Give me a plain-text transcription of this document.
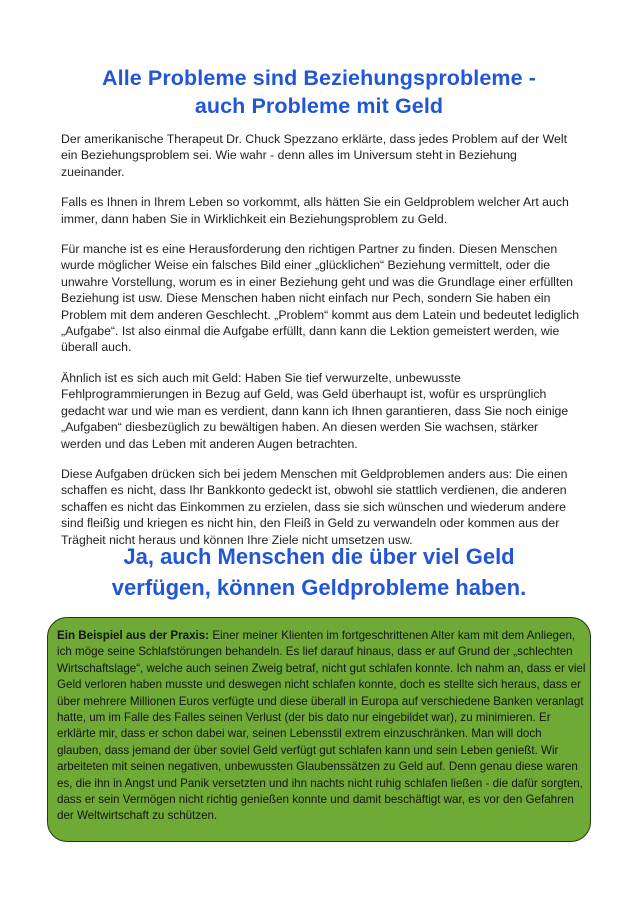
Alle Probleme sind Beziehungsprobleme -
auch Probleme mit Geld

Der amerikanische Therapeut Dr. Chuck Spezzano erklärte, dass jedes Problem auf der Welt ein Beziehungsproblem sei. Wie wahr - denn alles im Universum steht in Beziehung zueinander.

Falls es Ihnen in Ihrem Leben so vorkommt, alls hätten Sie ein Geldproblem welcher Art auch immer, dann haben Sie in Wirklichkeit ein Beziehungsproblem zu Geld.

Für manche ist es eine Herausforderung den richtigen Partner zu finden. Diesen Menschen wurde möglicher Weise ein falsches Bild einer „glücklichen“ Beziehung vermittelt, oder die unwahre Vorstellung, worum es in einer Beziehung geht und was die Grundlage einer erfüllten Beziehung ist usw. Diese Menschen haben nicht einfach nur Pech, sondern Sie haben ein Problem mit dem anderen Geschlecht. „Problem“ kommt aus dem Latein und bedeutet lediglich „Aufgabe“. Ist also einmal die Aufgabe erfüllt, dann kann die Lektion gemeistert werden, wie überall auch.

Ähnlich ist es sich auch mit Geld: Haben Sie tief verwurzelte, unbewusste Fehlprogrammierungen in Bezug auf Geld, was Geld überhaupt ist, wofür es ursprünglich gedacht war und wie man es verdient, dann kann ich Ihnen garantieren, dass Sie noch einige „Aufgaben“ diesbezüglich zu bewältigen haben. An diesen werden Sie wachsen, stärker werden und das Leben mit anderen Augen betrachten.

Diese Aufgaben drücken sich bei jedem Menschen mit Geldproblemen anders aus: Die einen schaffen es nicht, dass Ihr Bankkonto gedeckt ist, obwohl sie stattlich verdienen, die anderen schaffen es nicht das Einkommen zu erzielen, dass sie sich wünschen und wiederum andere sind fleißig und kriegen es nicht hin, den Fleiß in Geld zu verwandeln oder kommen aus der Trägheit nicht heraus und können Ihre Ziele nicht umsetzen usw.

Ja, auch Menschen die über viel Geld
verfügen, können Geldprobleme haben.
Ein Beispiel aus der Praxis: Einer meiner Klienten im fortgeschrittenen Alter kam mit dem Anliegen, ich möge seine Schlafstörungen behandeln. Es lief darauf hinaus, dass er auf Grund der „schlechten Wirtschaftslage“, welche auch seinen Zweig betraf, nicht gut schlafen konnte. Ich nahm an, dass er viel Geld verloren haben musste und deswegen nicht schlafen konnte, doch es stellte sich heraus, dass er über mehrere Millionen Euros verfügte und diese überall in Europa auf verschiedene Banken veranlagt hatte, um im Falle des Falles seinen Verlust (der bis dato nur eingebildet war), zu minimieren. Er erklärte mir, dass er schon dabei war, seinen Lebensstil extrem einzuschränken. Man will doch glauben, dass jemand der über soviel Geld verfügt gut schlafen kann und sein Leben genießt. Wir arbeiteten mit seinen negativen, unbewussten Glaubenssätzen zu Geld auf. Denn genau diese waren es, die ihn in Angst und Panik versetzten und ihn nachts nicht ruhig schlafen ließen - die dafür sorgten, dass er sein Vermögen nicht richtig genießen konnte und damit beschäftigt war, es vor den Gefahren der Weltwirtschaft zu schützen.
